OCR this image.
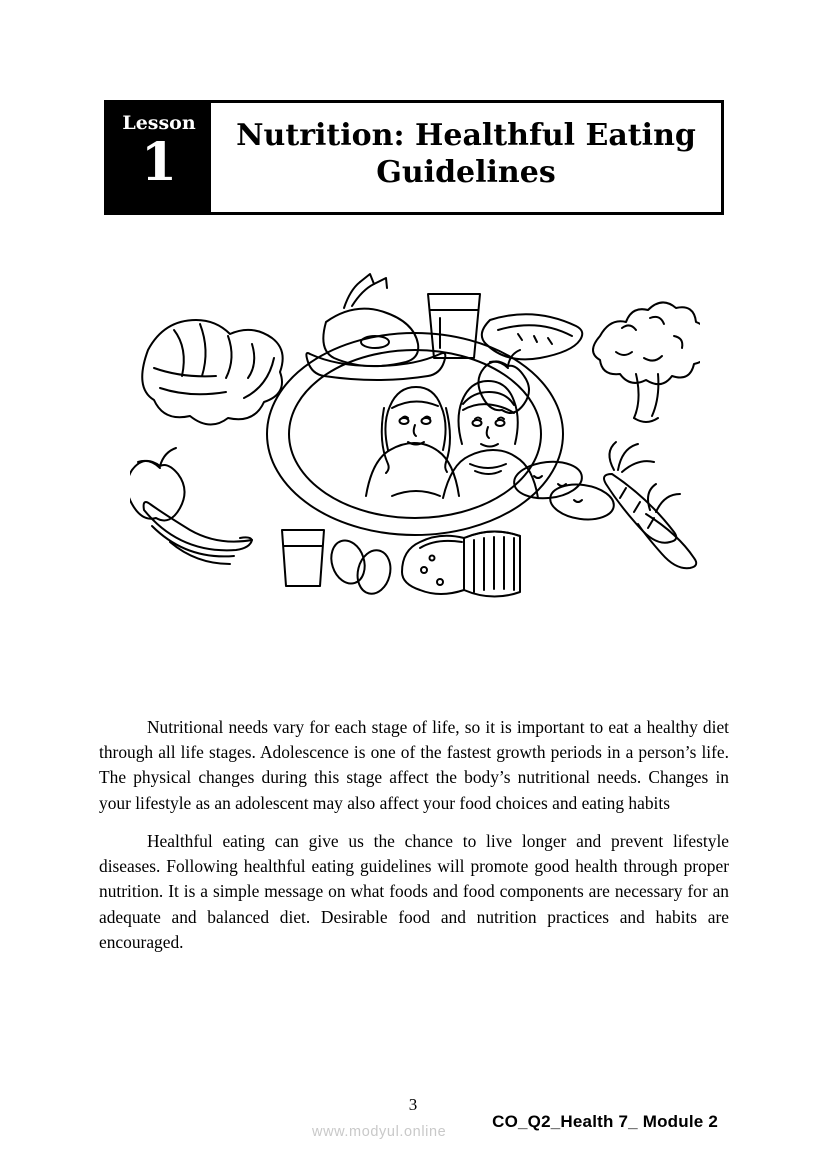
Lesson
1	Nutrition: Healthful Eating Guidelines

Nutritional needs vary for each stage of life, so it is important to eat a healthy diet through all life stages. Adolescence is one of the fastest growth periods in a person’s life. The physical changes during this stage affect the body’s nutritional needs. Changes in your lifestyle as an adolescent may also affect your food choices and eating habits

Healthful eating can give us the chance to live longer and prevent lifestyle diseases. Following healthful eating guidelines will promote good health through proper nutrition. It is a simple message on what foods and food components are necessary for an adequate and balanced diet. Desirable food and nutrition practices and habits are encouraged.

3
www.modyul.online
CO_Q2_Health 7_ Module 2
